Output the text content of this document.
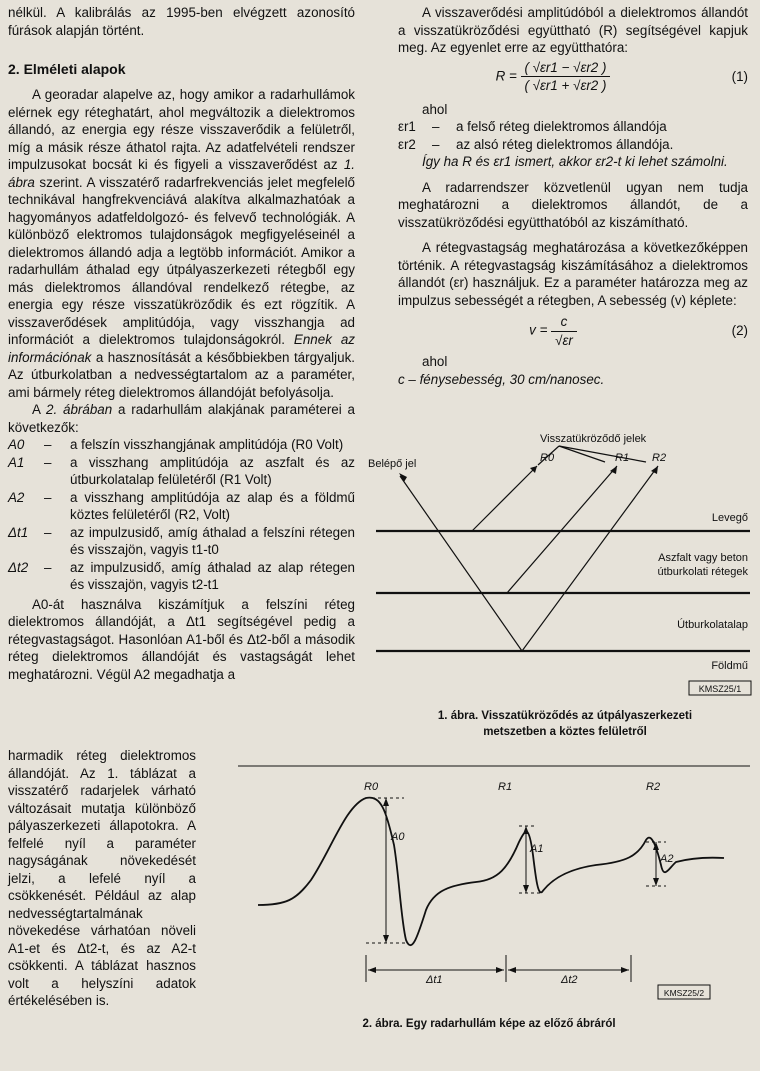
nélkül. A kalibrálás az 1995-ben elvégzett azonosító fúrások alapján történt.

2. Elméleti alapok

A georadar alapelve az, hogy amikor a radarhullámok elérnek egy réteghatárt, ahol megváltozik a dielektromos állandó, az energia egy része visszaverődik a felületről, míg a másik része áthatol rajta. Az adatfelvételi rendszer impulzusokat bocsát ki és figyeli a visszaverődést az 1. ábra szerint. A visszatérő radarfrekvenciás jelet megfelelő technikával hangfrekvenciává alakítva alkalmazhatóak a hagyományos adatfeldolgozó- és felvevő technológiák. A különböző elektromos tulajdonságok megfigyeléseinél a dielektromos állandó adja a legtöbb információt. Amikor a radarhullám áthalad egy útpályaszerkezeti rétegből egy más dielektromos állandóval rendelkező rétegbe, az energia egy része visszatükröződik és ezt rögzítik. A visszaverődések amplitúdója, vagy visszhangja ad információt a dielektromos tulajdonságokról. Ennek az információnak a hasznosítását a későbbiekben tárgyaljuk. Az útburkolatban a nedvességtartalom az a paraméter, ami bármely réteg dielektromos állandóját befolyásolja.

A 2. ábrában a radarhullám alakjának paraméterei a következők:

A0	–	a felszín visszhangjának amplitúdója (R0 Volt)
A1	–	a visszhang amplitúdója az aszfalt és az útburkolatalap felületéről (R1 Volt)
A2	–	a visszhang amplitúdója az alap és a földmű köztes felületéről (R2, Volt)
Δt1	–	az impulzusidő, amíg áthalad a felszíni rétegen és visszajön, vagyis t1-t0
Δt2	–	az impulzusidő, amíg áthalad az alap rétegen és visszajön, vagyis t2-t1

A0-át használva kiszámítjuk a felszíni réteg dielektromos állandóját, a Δt1 segítségével pedig a rétegvastagságot. Hasonlóan A1-ből és Δt2-ből a második réteg dielektromos állandóját és vastagságát lehet meghatározni. Végül A2 megadhatja a

harmadik réteg dielektromos állandóját. Az 1. táblázat a visszatérő radarjelek várható változásait mutatja különböző pályaszerkezeti állapotokra. A felfelé nyíl a paraméter nagyságának növekedését jelzi, a lefelé nyíl a csökkenését. Például az alap nedvességtartalmának növekedése várhatóan növeli A1-et és Δt2-t, és az A2-t csökkenti. A táblázat hasznos volt a helyszíni adatok értékelésében is.

A visszaverődési amplitúdóból a dielektromos állandót a visszatükröződési együttható (R) segítségével kapjuk meg. Az egyenlet erre az együtthatóra:

$R = \frac{( √\varepsilon r1 - √\varepsilon r2 )}{( √\varepsilon r1 + √\varepsilon r2 )}$	(1)

ahol

εr1	–	a felső réteg dielektromos állandója
εr2	–	az alsó réteg dielektromos állandója.

Így ha R és εr1 ismert, akkor εr2-t ki lehet számolni.

A radarrendszer közvetlenül ugyan nem tudja meghatározni a dielektromos állandót, de a visszatükröződési együtthatóból az kiszámítható.

A rétegvastagság meghatározása a következőképpen történik. A rétegvastagság kiszámításához a dielektromos állandót (εr) használjuk. Ez a paraméter határozza meg az impulzus sebességét a rétegben, A sebesség (v) képlete:

$v = \frac{c}{√\varepsilon r}$	(2)

ahol

c – fénysebesség, 30 cm/nanosec.

Belépő jel
Visszatükröződő jelek
R0	R1 R2
Levegő
Aszfalt vagy beton
útburkolati rétegek
Útburkolatalap
Földmű
KMSZ25/1
1. ábra. Visszatükröződés az útpályaszerkezeti
metszetben a köztes felületről
R0	R1	R2
A0
A1
A2
Δt1	Δt2
KMSZ25/2
2. ábra. Egy radarhullám képe az előző ábráról
